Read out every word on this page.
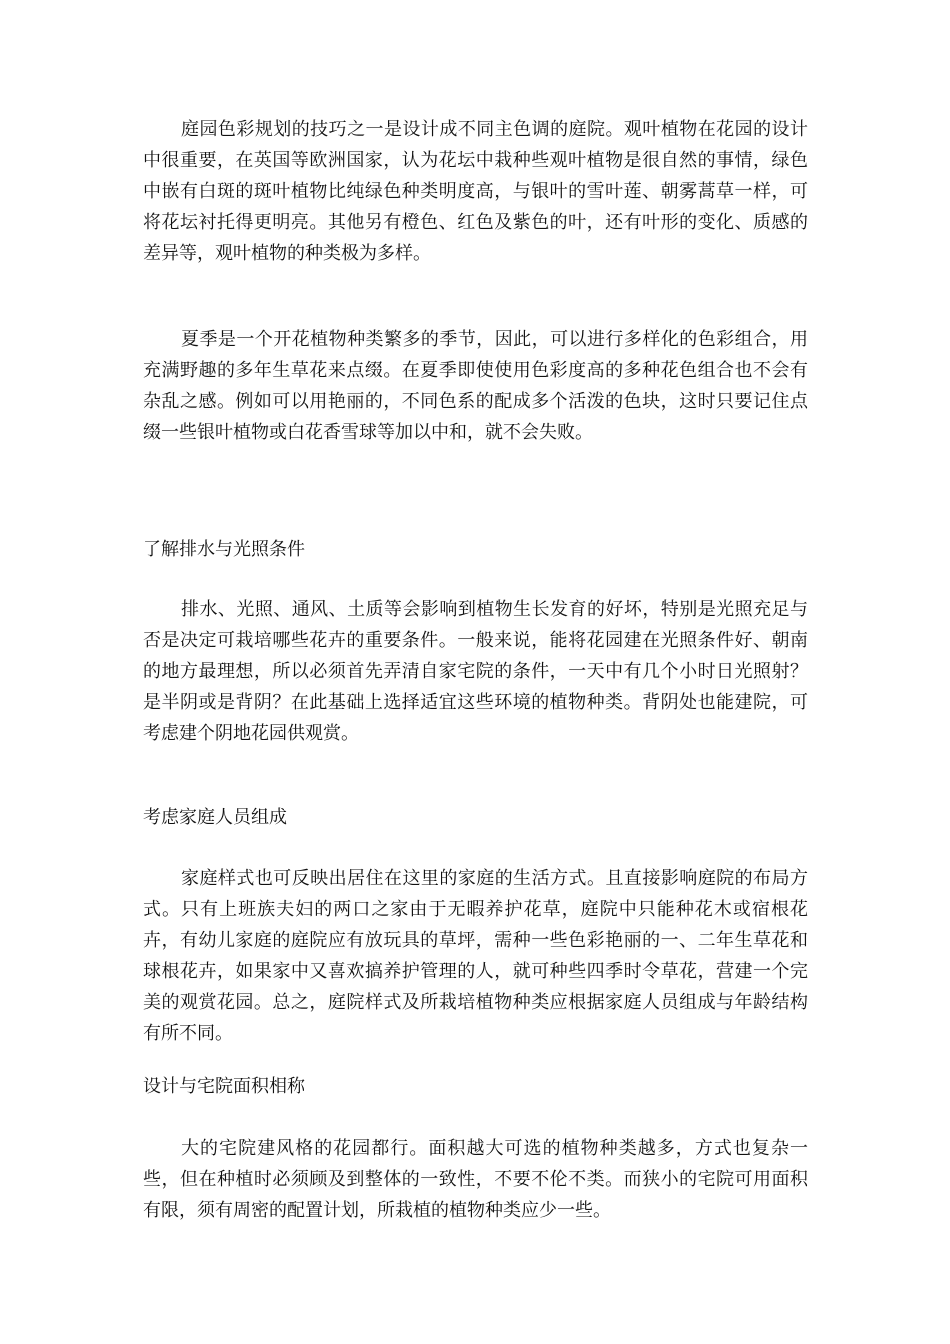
庭园色彩规划的技巧之一是设计成不同主色调的庭院。观叶植物在花园的设计中很重要，在英国等欧洲国家，认为花坛中栽种些观叶植物是很自然的事情，绿色中嵌有白斑的斑叶植物比纯绿色种类明度高，与银叶的雪叶莲、朝雾蒿草一样，可将花坛衬托得更明亮。其他另有橙色、红色及紫色的叶，还有叶形的变化、质感的差异等，观叶植物的种类极为多样。

夏季是一个开花植物种类繁多的季节，因此，可以进行多样化的色彩组合，用充满野趣的多年生草花来点缀。在夏季即使使用色彩度高的多种花色组合也不会有杂乱之感。例如可以用艳丽的，不同色系的配成多个活泼的色块，这时只要记住点缀一些银叶植物或白花香雪球等加以中和，就不会失败。

了解排水与光照条件

排水、光照、通风、土质等会影响到植物生长发育的好坏，特别是光照充足与否是决定可栽培哪些花卉的重要条件。一般来说，能将花园建在光照条件好、朝南的地方最理想，所以必须首先弄清自家宅院的条件，一天中有几个小时日光照射？是半阴或是背阴？在此基础上选择适宜这些环境的植物种类。背阴处也能建院，可考虑建个阴地花园供观赏。

考虑家庭人员组成

家庭样式也可反映出居住在这里的家庭的生活方式。且直接影响庭院的布局方式。只有上班族夫妇的两口之家由于无暇养护花草，庭院中只能种花木或宿根花卉，有幼儿家庭的庭院应有放玩具的草坪，需种一些色彩艳丽的一、二年生草花和球根花卉，如果家中又喜欢搞养护管理的人，就可种些四季时令草花，营建一个完美的观赏花园。总之，庭院样式及所栽培植物种类应根据家庭人员组成与年龄结构有所不同。

设计与宅院面积相称

大的宅院建风格的花园都行。面积越大可选的植物种类越多，方式也复杂一些，但在种植时必须顾及到整体的一致性，不要不伦不类。而狭小的宅院可用面积有限，须有周密的配置计划，所栽植的植物种类应少一些。
